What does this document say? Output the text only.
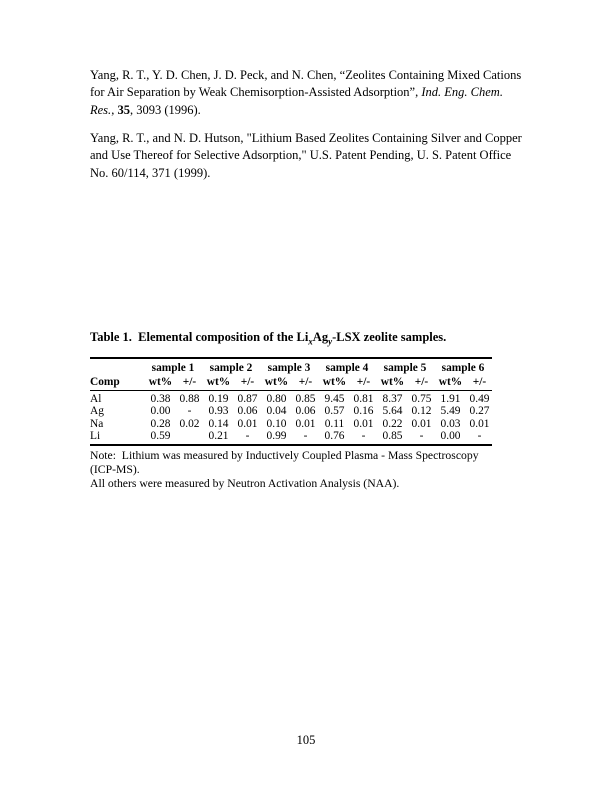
Yang, R. T., Y. D. Chen, J. D. Peck, and N. Chen, “Zeolites Containing Mixed Cations for Air Separation by Weak Chemisorption-Assisted Adsorption”, Ind. Eng. Chem. Res., 35, 3093 (1996).

Yang, R. T., and N. D. Hutson, "Lithium Based Zeolites Containing Silver and Copper and Use Thereof for Selective Adsorption," U.S. Patent Pending, U. S. Patent Office No. 60/114, 371 (1999).

Table 1.  Elemental composition of the $Li_xAg_y$-LSX zeolite samples.

	sample 1		sample 2		sample 3		sample 4		sample 5		sample 6	
Comp	wt%	+/-	wt%	+/-	wt%	+/-	wt%	+/-	wt%	+/-	wt%	+/-
Al	0.38	0.88	0.19	0.87	0.80	0.85	9.45	0.81	8.37	0.75	1.91	0.49
Ag	0.00	-	0.93	0.06	0.04	0.06	0.57	0.16	5.64	0.12	5.49	0.27
Na	0.28	0.02	0.14	0.01	0.10	0.01	0.11	0.01	0.22	0.01	0.03	0.01
Li	0.59		0.21	-	0.99	-	0.76	-	0.85	-	0.00	-
Note:  Lithium was measured by Inductively Coupled Plasma - Mass Spectroscopy (ICP-MS).
All others were measured by Neutron Activation Analysis (NAA).
105
